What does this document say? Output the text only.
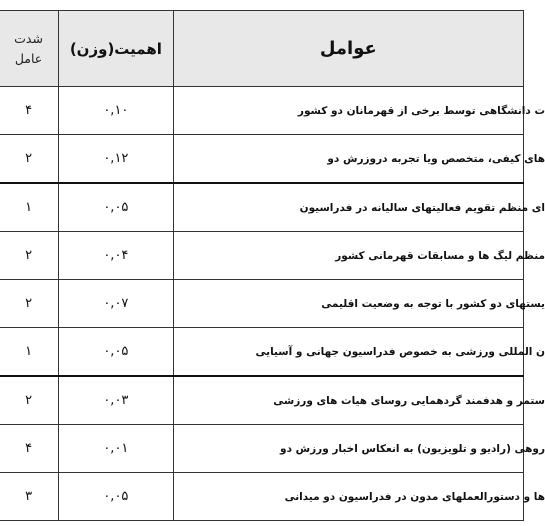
شدت
عامل	اهمیت(وزن)	عوامل
۴	۰,۱۰	ت دانشگاهی توسط برخی از قهرمانان دو کشور
۲	۰,۱۲	های کیفی، متخصص ویا تجربه دروزرش دو
۱	۰,۰۵	ای منظم تقویم فعالیتهای سالیانه در فدراسیون
۲	۰,۰۴	منظم لیگ ها و مسابقات قهرمانی کشور
۲	۰,۰۷	یستهای دو کشور با توجه به وضعیت اقلیمی
۱	۰,۰۵	ن المللی ورزشی به خصوص فدراسیون جهانی و آسیایی
۲	۰,۰۳	ستمر و هدفمند گردهمایی روسای هیات های ورزشی
۴	۰,۰۱	روهی (رادیو و تلویزیون) به انعکاس اخبار ورزش دو
۳	۰,۰۵	ها و دستورالعملهای مدون در فدراسیون دو میدانی
